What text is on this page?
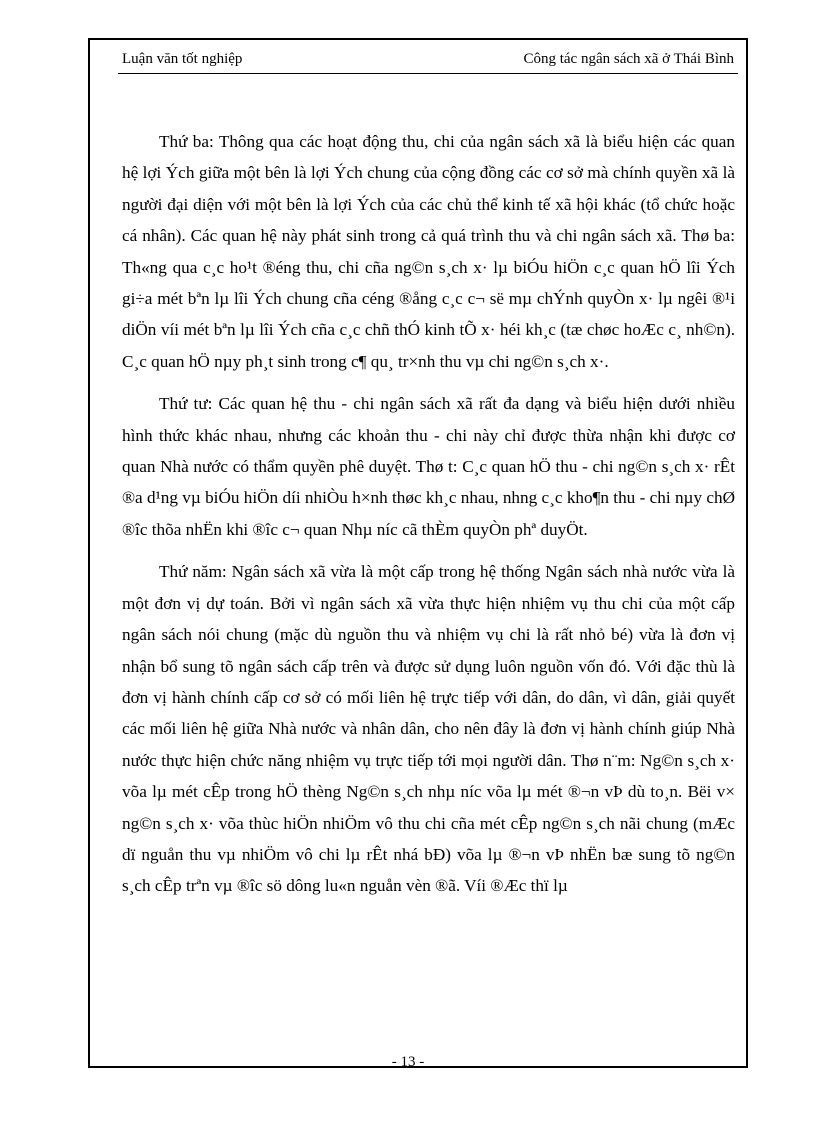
Luận văn tốt nghiệp	Công tác ngân sách xã ở Thái Bình

Thứ ba: Thông qua các hoạt động thu, chi của ngân sách xã là biểu hiện các quan hệ lợi Ých giữa một bên là lợi Ých chung của cộng đồng các cơ sở mà chính quyền xã là người đại diện với một bên là lợi Ých của các chủ thể kinh tế xã hội khác (tổ chức hoặc cá nhân). Các quan hệ này phát sinh trong cả quá trình thu và chi ngân sách xã. Thø ba: Th«ng qua c¸c ho¹t ®éng thu, chi cña ng©n s¸ch x· lµ biÓu hiÖn c¸c quan hÖ lîi Ých gi÷a mét bªn lµ lîi Ých chung cña céng ®ång c¸c c¬ së mµ chÝnh quyÒn x· lµ ngêi ®¹i diÖn víi mét bªn lµ lîi Ých cña c¸c chñ thÓ kinh tÕ x· héi kh¸c (tæ chøc hoÆc c¸ nh©n). C¸c quan hÖ nµy ph¸t sinh trong c¶ qu¸ tr×nh thu vµ chi ng©n s¸ch x·.

Thứ tư: Các quan hệ thu - chi ngân sách xã rất đa dạng và biểu hiện dưới nhiều hình thức khác nhau, nhưng các khoản thu - chi này chỉ được thừa nhận khi được cơ quan Nhà nước có thẩm quyền phê duyệt. Thø t: C¸c quan hÖ thu - chi ng©n s¸ch x· rÊt ®a d¹ng vµ biÓu hiÖn díi nhiÒu h×nh thøc kh¸c nhau, nhng c¸c kho¶n thu - chi nµy chØ ®îc thõa nhËn khi ®îc c¬ quan Nhµ níc cã thÈm quyÒn phª duyÖt.

Thứ năm: Ngân sách xã vừa là một cấp trong hệ thống Ngân sách nhà nước vừa là một đơn vị dự toán. Bởi vì ngân sách xã vừa thực hiện nhiệm vụ thu chi của một cấp ngân sách nói chung (mặc dù nguồn thu và nhiệm vụ chi là rất nhỏ bé) vừa là đơn vị nhận bổ sung tõ ngân sách cấp trên và được sử dụng luôn nguồn vốn đó. Với đặc thù là đơn vị hành chính cấp cơ sở có mối liên hệ trực tiếp với dân, do dân, vì dân, giải quyết các mối liên hệ giữa Nhà nước và nhân dân, cho nên đây là đơn vị hành chính giúp Nhà nước thực hiện chức năng nhiệm vụ trực tiếp tới mọi người dân. Thø n¨m: Ng©n s¸ch x· võa lµ mét cÊp trong hÖ thèng Ng©n s¸ch nhµ níc võa lµ mét ®¬n vÞ dù to¸n. Bëi v× ng©n s¸ch x· võa thùc hiÖn nhiÖm vô thu chi cña mét cÊp ng©n s¸ch nãi chung (mÆc dï nguån thu vµ nhiÖm vô chi lµ rÊt nhá bÐ) võa lµ ®¬n vÞ nhËn bæ sung tõ ng©n s¸ch cÊp trªn vµ ®îc sö dông lu«n nguån vèn ®ã. Víi ®Æc thï lµ

- 13 -
